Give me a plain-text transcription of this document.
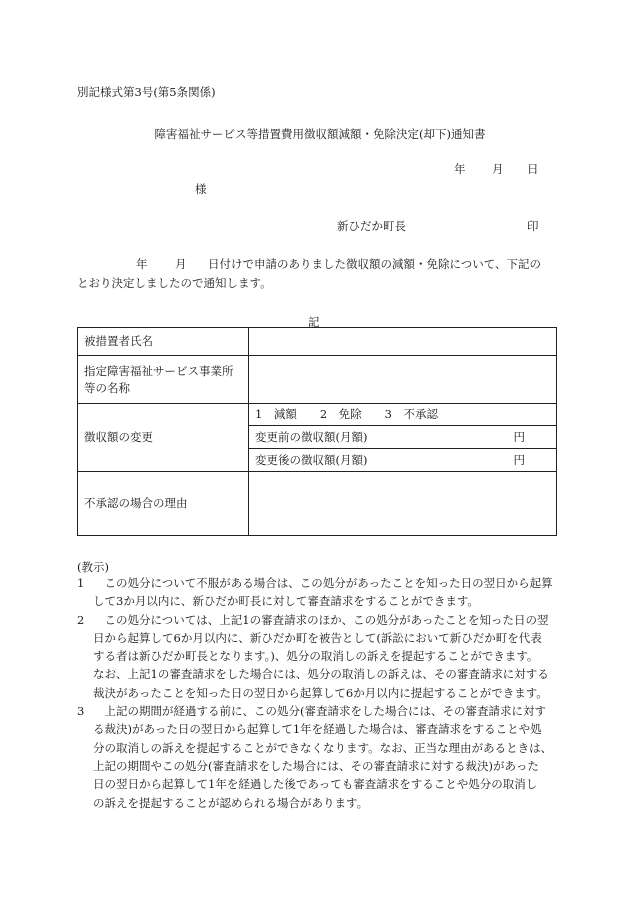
別記様式第3号(第5条関係)
障害福祉サービス等措置費用徴収額減額・免除決定(却下)通知書
年 月 日
様
新ひだか町長	印
年 月 日付けで申請のありました徴収額の減額・免除について、下記の
とおり決定しましたので通知します。
記
被措置者氏名	

指定障害福祉サービス事業所
等の名称	

徴収額の変更	1　減額　　2　免除　　3　不承認
	変更前の徴収額(月額) 円

	変更後の徴収額(月額) 円

不承認の場合の理由	
(教示)
1	　この処分について不服がある場合は、この処分があったことを知った日の翌日から起算
して3か月以内に、新ひだか町長に対して審査請求をすることができます。
2	　この処分については、上記1の審査請求のほか、この処分があったことを知った日の翌
日から起算して6か月以内に、新ひだか町を被告として(訴訟において新ひだか町を代表
する者は新ひだか町長となります。)、処分の取消しの訴えを提起することができます。
なお、上記1の審査請求をした場合には、処分の取消しの訴えは、その審査請求に対する
裁決があったことを知った日の翌日から起算して6か月以内に提起することができます。
3	　上記の期間が経過する前に、この処分(審査請求をした場合には、その審査請求に対す
る裁決)があった日の翌日から起算して1年を経過した場合は、審査請求をすることや処
分の取消しの訴えを提起することができなくなります。なお、正当な理由があるときは、
上記の期間やこの処分(審査請求をした場合には、その審査請求に対する裁決)があった
日の翌日から起算して1年を経過した後であっても審査請求をすることや処分の取消し
の訴えを提起することが認められる場合があります。
